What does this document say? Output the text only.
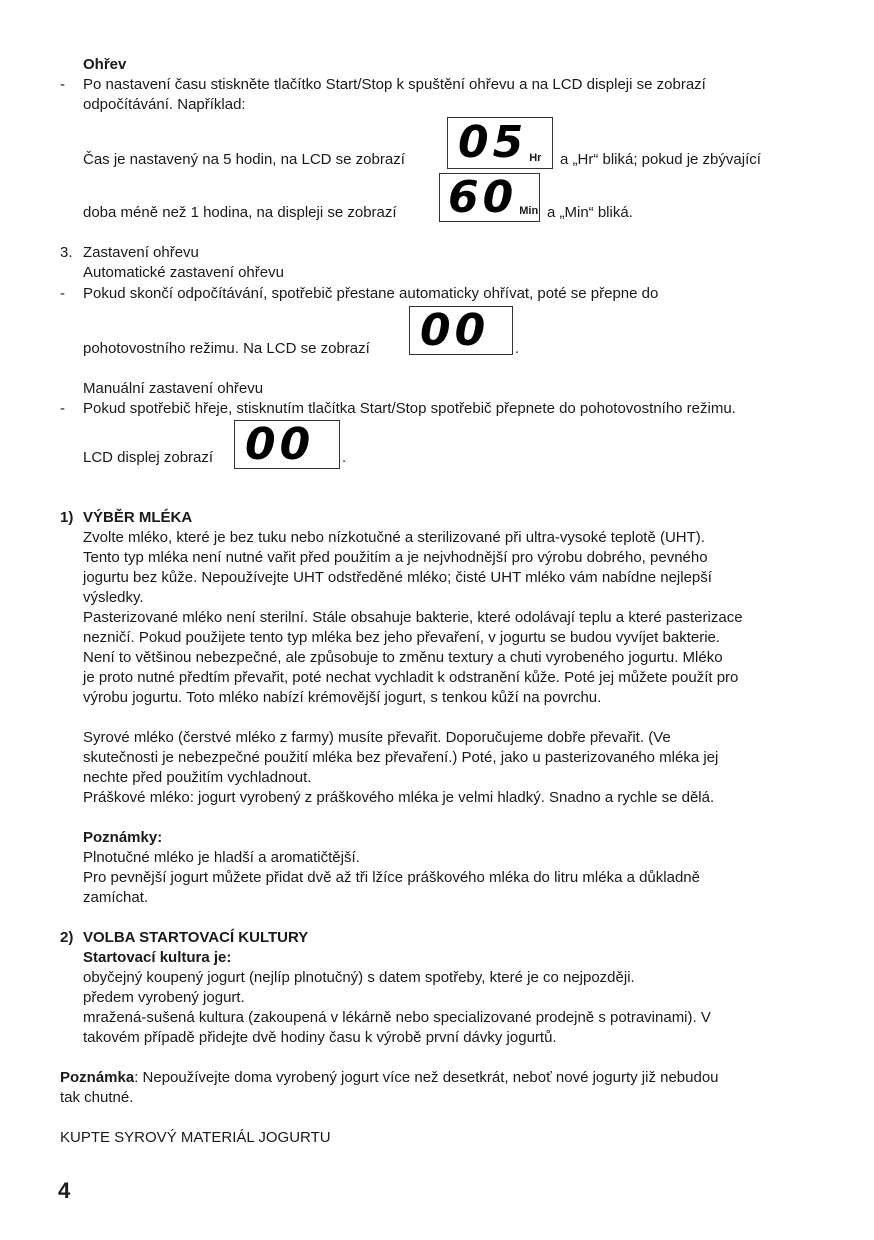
Ohřev
- Po nastavení času stiskněte tlačítko Start/Stop k spuštění ohřevu a na LCD displeji se zobrazí
odpočítávání. Například:
Čas je nastavený na 5 hodin, na LCD se zobrazí 05 Hr a „Hr“ bliká; pokud je zbývající
doba méně než 1 hodina, na displeji se zobrazí 60 Min a „Min“ bliká.
3. Zastavení ohřevu
Automatické zastavení ohřevu
- Pokud skončí odpočítávání, spotřebič přestane automaticky ohřívat, poté se přepne do
pohotovostního režimu. Na LCD se zobrazí 00 .
Manuální zastavení ohřevu
- Pokud spotřebič hřeje, stisknutím tlačítka Start/Stop spotřebič přepnete do pohotovostního režimu.
LCD displej zobrazí 00 .
1) VÝBĚR MLÉKA
Zvolte mléko, které je bez tuku nebo nízkotučné a sterilizované při ultra-vysoké teplotě (UHT).
Tento typ mléka není nutné vařit před použitím a je nejvhodnější pro výrobu dobrého, pevného
jogurtu bez kůže. Nepoužívejte UHT odstředěné mléko; čisté UHT mléko vám nabídne nejlepší
výsledky.
Pasterizované mléko není sterilní. Stále obsahuje bakterie, které odolávají teplu a které pasterizace
nezničí. Pokud použijete tento typ mléka bez jeho převaření, v jogurtu se budou vyvíjet bakterie.
Není to většinou nebezpečné, ale způsobuje to změnu textury a chuti vyrobeného jogurtu. Mléko
je proto nutné předtím převařit, poté nechat vychladit k odstranění kůže. Poté jej můžete použít pro
výrobu jogurtu. Toto mléko nabízí krémovější jogurt, s tenkou kůží na povrchu.
Syrové mléko (čerstvé mléko z farmy) musíte převařit. Doporučujeme dobře převařit. (Ve
skutečnosti je nebezpečné použití mléka bez převaření.) Poté, jako u pasterizovaného mléka jej
nechte před použitím vychladnout.
Práškové mléko: jogurt vyrobený z práškového mléka je velmi hladký. Snadno a rychle se dělá.
Poznámky:
Plnotučné mléko je hladší a aromatičtější.
Pro pevnější jogurt můžete přidat dvě až tři lžíce práškového mléka do litru mléka a důkladně
zamíchat.
2) VOLBA STARTOVACÍ KULTURY
Startovací kultura je:
obyčejný koupený jogurt (nejlíp plnotučný) s datem spotřeby, které je co nejpozději.
předem vyrobený jogurt.
mražená-sušená kultura (zakoupená v lékárně nebo specializované prodejně s potravinami). V
takovém případě přidejte dvě hodiny času k výrobě první dávky jogurtů.
Poznámka: Nepoužívejte doma vyrobený jogurt více než desetkrát, neboť nové jogurty již nebudou
tak chutné.
KUPTE SYROVÝ MATERIÁL JOGURTU
4
